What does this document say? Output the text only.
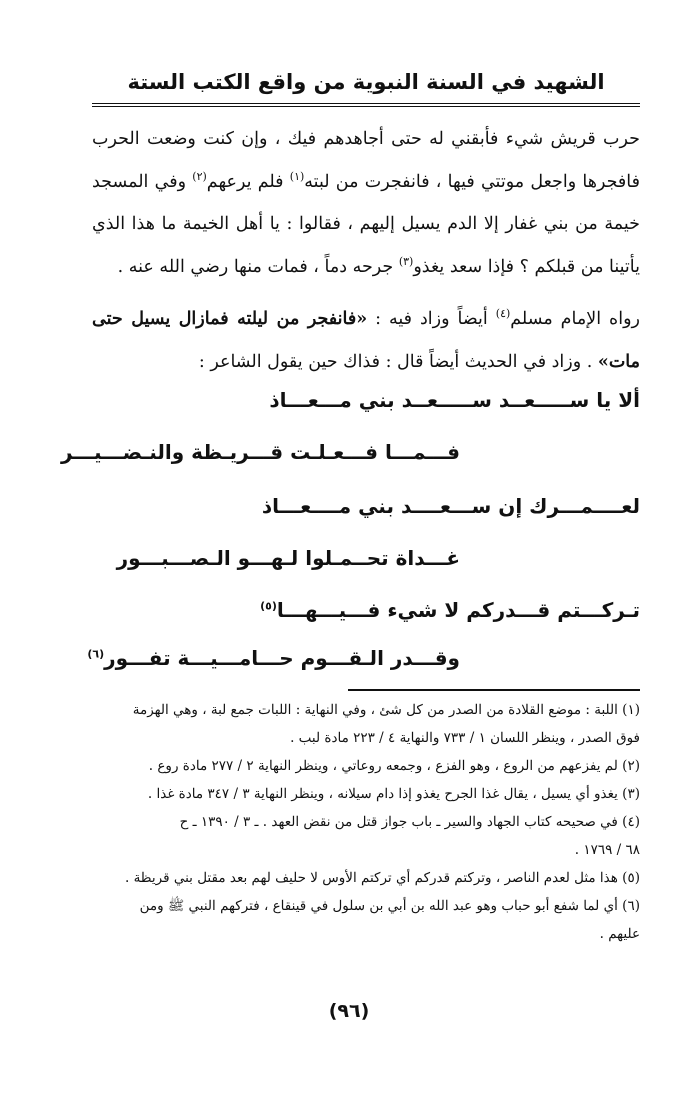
الشهيد في السنة النبوية من واقع الكتب الستة

حرب قريش شيء فأبقني له حتى أجاهدهم فيك ، وإن كنت وضعت الحرب فافجرها واجعل موتتي فيها ، فانفجرت من لبته$^{(١)}$ فلم يرعهم$^{(٢)}$ وفي المسجد خيمة من بني غفار إلا الدم يسيل إليهم ، فقالوا : يا أهل الخيمة ما هذا الذي يأتينا من قبلكم ؟ فإذا سعد يغذو$^{(٣)}$ جرحه دماً ، فمات منها رضي الله عنه .

رواه الإمام مسلم$^{(٤)}$ أيضاً وزاد فيه : «فانفجر من ليلته فمازال يسيل حتى مات» . وزاد في الحديث أيضاً قال : فذاك حين يقول الشاعر :

ألا يا ســـــعــد ســـــعــد بني مـــعـــاذ
فـــمـــا فـــعـلـت قـــريـظة والنـضـــيـــر
لعــــمـــرك إن ســـعــــد بني مــــعـــاذ
غـــداة تحــمـلوا لـهـــو الـصـــبـــور
تـركـــتم قـــدركم لا شيء فـــيـــهـــا$^{(٥)}$
وقـــدر الـقـــوم حـــامـــيـــة تفـــور$^{(٦)}$

(١) اللبة : موضع القلادة من الصدر من كل شئ ، وفي النهاية : اللبات جمع لبة ، وهي الهزمة
فوق الصدر ، وينظر اللسان ١ / ٧٣٣ والنهاية ٤ / ٢٢٣ مادة لبب .

(٢) لم يفزعهم من الروع ، وهو الفزع ، وجمعه روعاتي ، وينظر النهاية ٢ / ٢٧٧ مادة روع .

(٣) يغذو أي يسيل ، يقال غذا الجرح يغذو إذا دام سيلانه ، وينظر النهاية ٣ / ٣٤٧ مادة غذا .

(٤) في صحيحه كتاب الجهاد والسير ـ باب جواز قتل من نقض العهد . ـ ٣ / ١٣٩٠ ـ ح
٦٨ / ١٧٦٩ .

(٥) هذا مثل لعدم الناصر ، وتركتم قدركم أي تركتم الأوس لا حليف لهم بعد مقتل بني قريظة .

(٦) أي لما شفع أبو حباب وهو عبد الله بن أبي بن سلول في قينقاع ، فتركهم النبي ﷺ ومن
عليهم .

(٩٦)
